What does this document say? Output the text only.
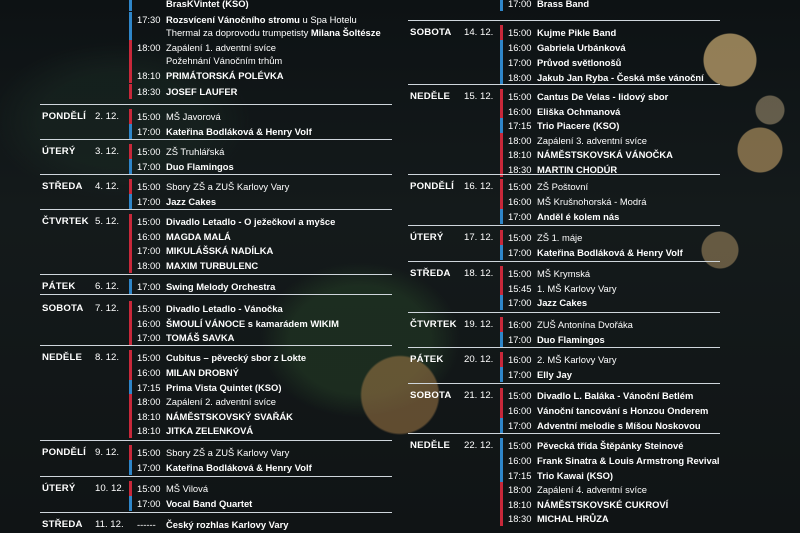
BrasKVintet (KSO)
17:30 Rozsvícení Vánočního stromu u Spa Hotelu
Thermal za doprovodu trumpetisty Milana Šoltésze
18:00 Zapálení 1. adventní svíce
Požehnání Vánočním trhům
18:10 PRIMÁTORSKÁ POLÉVKA
18:30 JOSEF LAUFER
PONDĚLÍ 2. 12. 15:00 MŠ Javorová
17:00 Kateřina Bodláková & Henry Volf
ÚTERÝ 3. 12. 15:00 ZŠ Truhlářská
17:00 Duo Flamingos
STŘEDA 4. 12. 15:00 Sbory ZŠ a ZUŠ Karlovy Vary
17:00 Jazz Cakes
ČTVRTEK 5. 12. 15:00 Divadlo Letadlo - O ježečkovi a myšce
16:00 MAGDA MALÁ
17:00 MIKULÁŠSKÁ NADÍLKA
18:00 MAXIM TURBULENC
PÁTEK 6. 12. 17:00 Swing Melody Orchestra
SOBOTA 7. 12. 15:00 Divadlo Letadlo - Vánočka
16:00 ŠMOULÍ VÁNOCE s kamarádem WIKIM
17:00 TOMÁŠ SAVKA
NEDĚLE 8. 12. 15:00 Cubitus – pěvecký sbor z Lokte
16:00 MILAN DROBNÝ
17:15 Prima Vista Quintet (KSO)
18:00 Zapálení 2. adventní svíce
18:10 NÁMĚSTSKOVSKÝ SVAŘÁK
18:10 JITKA ZELENKOVÁ
PONDĚLÍ 9. 12. 15:00 Sbory ZŠ a ZUŠ Karlovy Vary
17:00 Kateřina Bodláková & Henry Volf
ÚTERÝ 10. 12. 15:00 MŠ Vilová
17:00 Vocal Band Quartet
STŘEDA 11. 12. ------ Český rozhlas Karlovy Vary
17:00 Brass Band
SOBOTA 14. 12. 15:00 Kujme Pikle Band
16:00 Gabriela Urbánková
17:00 Průvod světlonošů
18:00 Jakub Jan Ryba - Česká mše vánoční
NEDĚLE 15. 12. 15:00 Cantus De Velas - lidový sbor
16:00 Eliška Ochmanová
17:15 Trio Piacere (KSO)
18:00 Zapálení 3. adventní svíce
18:10 NÁMĚSTSKOVSKÁ VÁNOČKA
18:30 MARTIN CHODÚR
PONDĚLÍ 16. 12. 15:00 ZŠ Poštovní
16:00 MŠ Krušnohorská - Modrá
17:00 Anděl é kolem nás
ÚTERÝ 17. 12. 15:00 ZŠ 1. máje
17:00 Kateřina Bodláková & Henry Volf
STŘEDA 18. 12. 15:00 MŠ Krymská
15:45 1. MŠ Karlovy Vary
17:00 Jazz Cakes
ČTVRTEK 19. 12. 16:00 ZUŠ Antonína Dvořáka
17:00 Duo Flamingos
PÁTEK 20. 12. 16:00 2. MŠ Karlovy Vary
17:00 Elly Jay
SOBOTA 21. 12. 15:00 Divadlo L. Baláka - Vánoční Betlém
16:00 Vánoční tancování s Honzou Onderem
17:00 Adventní melodie s Míšou Noskovou
NEDĚLE 22. 12. 15:00 Pěvecká třída Štěpánky Steinové
16:00 Frank Sinatra & Louis Armstrong Revival
17:15 Trio Kawai (KSO)
18:00 Zapálení 4. adventní svíce
18:10 NÁMĚSTSKOVSKÉ CUKROVÍ
18:30 MICHAL HRŮZA
